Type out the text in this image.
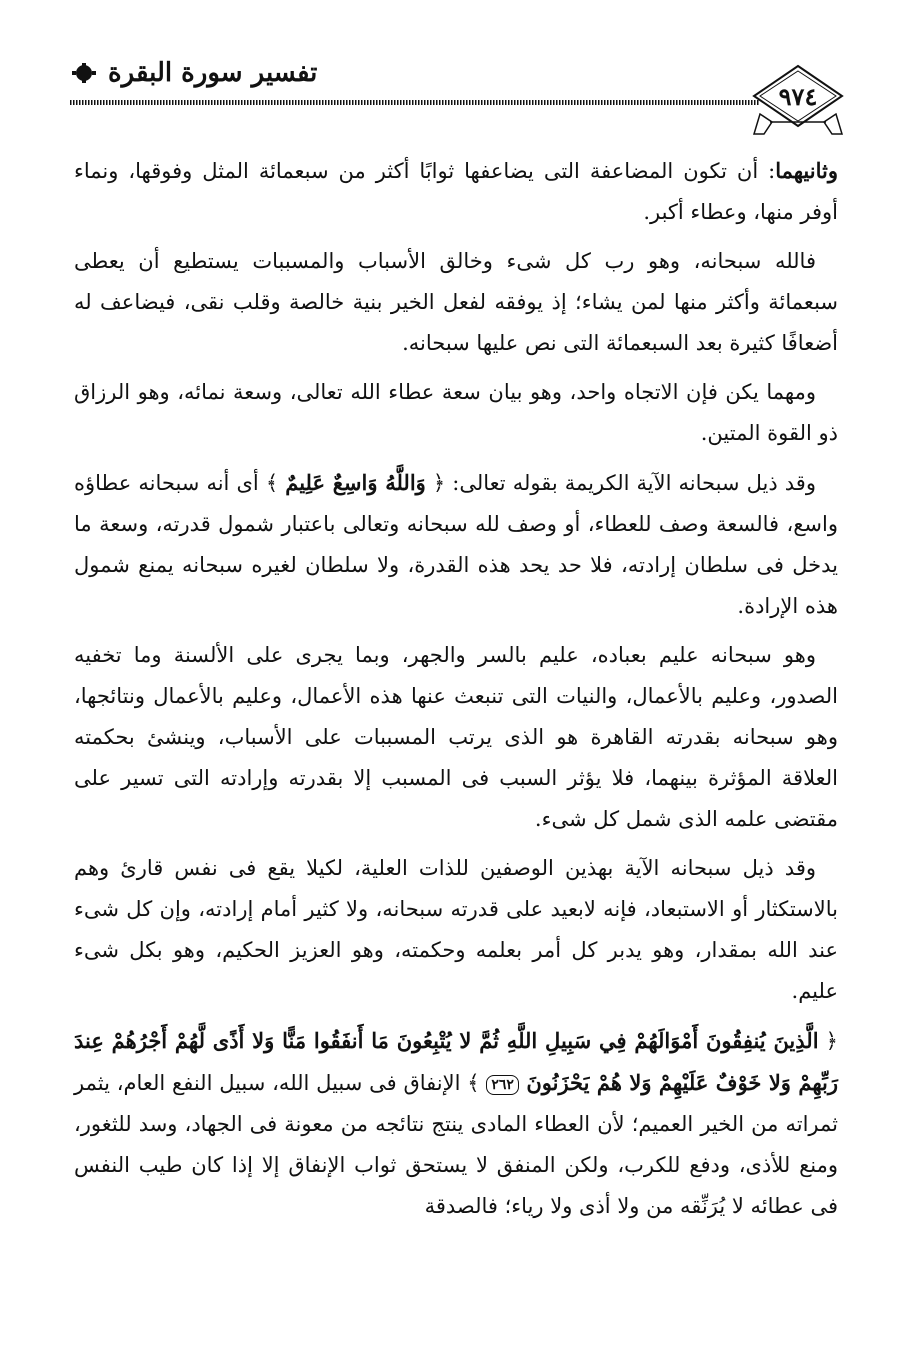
تفسير سورة البقرة
٩٧٤

وثانيهما: أن تكون المضاعفة التى يضاعفها ثوابًا أكثر من سبعمائة المثل وفوقها، ونماء أوفر منها، وعطاء أكبر.

فالله سبحانه، وهو رب كل شىء وخالق الأسباب والمسببات يستطيع أن يعطى سبعمائة وأكثر منها لمن يشاء؛ إذ يوفقه لفعل الخير بنية خالصة وقلب نقى، فيضاعف له أضعافًا كثيرة بعد السبعمائة التى نص عليها سبحانه.

ومهما يكن فإن الاتجاه واحد، وهو بيان سعة عطاء الله تعالى، وسعة نمائه، وهو الرزاق ذو القوة المتين.

وقد ذيل سبحانه الآية الكريمة بقوله تعالى: ﴿ وَاللَّهُ وَاسِعٌ عَلِيمٌ ﴾ أى أنه سبحانه عطاؤه واسع، فالسعة وصف للعطاء، أو وصف لله سبحانه وتعالى باعتبار شمول قدرته، وسعة ما يدخل فى سلطان إرادته، فلا حد يحد هذه القدرة، ولا سلطان لغيره سبحانه يمنع شمول هذه الإرادة.

وهو سبحانه عليم بعباده، عليم بالسر والجهر، وبما يجرى على الألسنة وما تخفيه الصدور، وعليم بالأعمال، والنيات التى تنبعث عنها هذه الأعمال، وعليم بالأعمال ونتائجها، وهو سبحانه بقدرته القاهرة هو الذى يرتب المسببات على الأسباب، وينشئ بحكمته العلاقة المؤثرة بينهما، فلا يؤثر السبب فى المسبب إلا بقدرته وإرادته التى تسير على مقتضى علمه الذى شمل كل شىء.

وقد ذيل سبحانه الآية بهذين الوصفين للذات العلية، لكيلا يقع فى نفس قارئ وهم بالاستكثار أو الاستبعاد، فإنه لابعيد على قدرته سبحانه، ولا كثير أمام إرادته، وإن كل شىء عند الله بمقدار، وهو يدبر كل أمر بعلمه وحكمته، وهو العزيز الحكيم، وهو بكل شىء عليم.

﴿ الَّذِينَ يُنفِقُونَ أَمْوَالَهُمْ فِي سَبِيلِ اللَّهِ ثُمَّ لا يُتْبِعُونَ مَا أَنفَقُوا مَنًّا وَلا أَذًى لَّهُمْ أَجْرُهُمْ عِندَ رَبِّهِمْ وَلا خَوْفٌ عَلَيْهِمْ وَلا هُمْ يَحْزَنُونَ ٢٦٢ ﴾ الإنفاق فى سبيل الله، سبيل النفع العام، يثمر ثمراته من الخير العميم؛ لأن العطاء المادى ينتج نتائجه من معونة فى الجهاد، وسد للثغور، ومنع للأذى، ودفع للكرب، ولكن المنفق لا يستحق ثواب الإنفاق إلا إذا كان طيب النفس فى عطائه لا يُرَنِّقه من ولا أذى ولا رياء؛ فالصدقة
